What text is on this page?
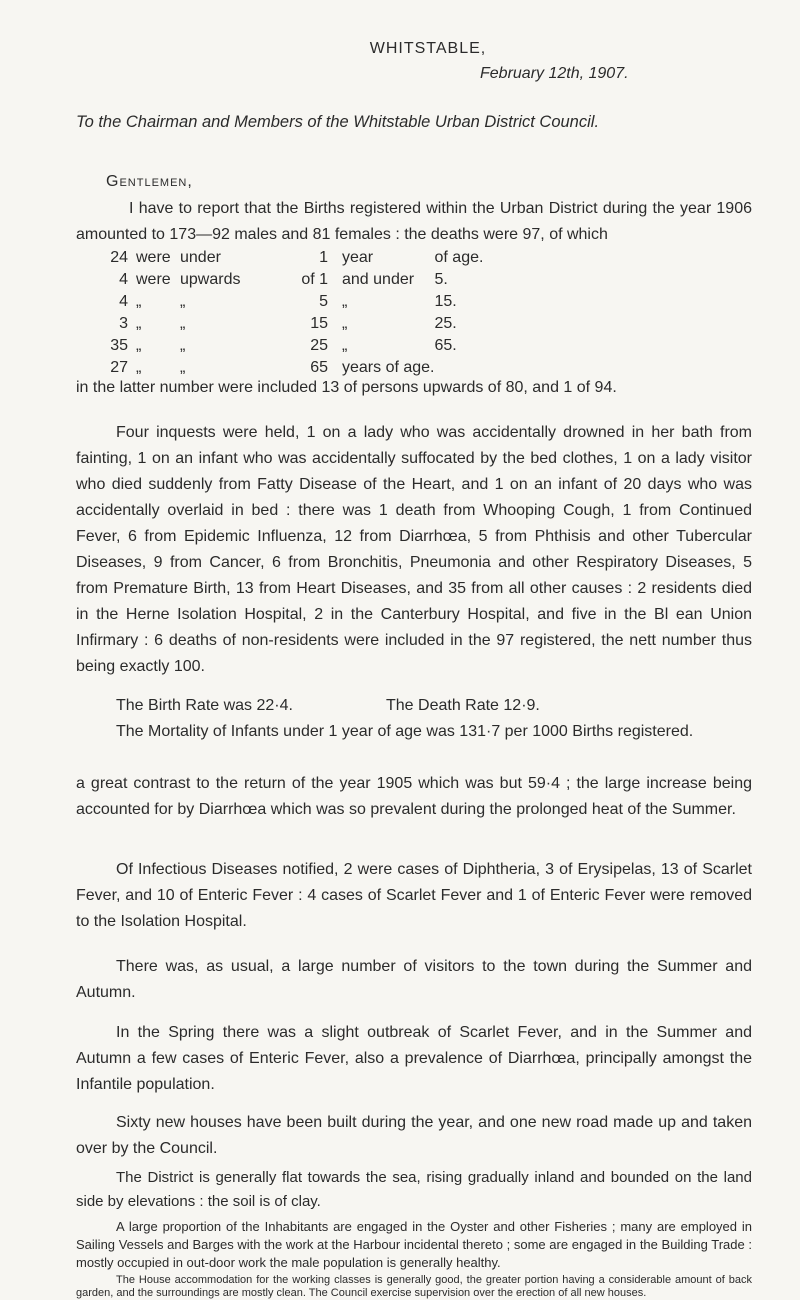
WHITSTABLE,
February 12th, 1907.
To the Chairman and Members of the Whitstable Urban District Council.
Gentlemen,
I have to report that the Births registered within the Urban District during the year 1906 amounted to 173—92 males and 81 females : the deaths were 97, of which
24	were	under	1	year	of age.
4	were	upwards	of 1	and under	5.
4	„	„	5	„	15.
3	„	„	15	„	25.
35	„	„	25	„	65.
27	„	„	65	years of age.	
in the latter number were included 13 of persons upwards of 80, and 1 of 94.
Four inquests were held, 1 on a lady who was accidentally drowned in her bath from fainting, 1 on an infant who was accidentally suffocated by the bed clothes, 1 on a lady visitor who died suddenly from Fatty Disease of the Heart, and 1 on an infant of 20 days who was accidentally overlaid in bed : there was 1 death from Whooping Cough, 1 from Continued Fever, 6 from Epidemic Influenza, 12 from Diarrhœa, 5 from Phthisis and other Tubercular Diseases, 9 from Cancer, 6 from Bronchitis, Pneumonia and other Respiratory Diseases, 5 from Premature Birth, 13 from Heart Diseases, and 35 from all other causes : 2 residents died in the Herne Isolation Hospital, 2 in the Canterbury Hospital, and five in the Bl ean Union Infirmary : 6 deaths of non-residents were included in the 97 registered, the nett number thus being exactly 100.
The Birth Rate was 22·4.	The Death Rate 12·9.
The Mortality of Infants under 1 year of age was 131·7 per 1000 Births registered.
a great contrast to the return of the year 1905 which was but 59·4 ; the large increase being accounted for by Diarrhœa which was so prevalent during the prolonged heat of the Summer.
Of Infectious Diseases notified, 2 were cases of Diphtheria, 3 of Erysipelas, 13 of Scarlet Fever, and 10 of Enteric Fever : 4 cases of Scarlet Fever and 1 of Enteric Fever were removed to the Isolation Hospital.
There was, as usual, a large number of visitors to the town during the Summer and Autumn.
In the Spring there was a slight outbreak of Scarlet Fever, and in the Summer and Autumn a few cases of Enteric Fever, also a prevalence of Diarrhœa, principally amongst the Infantile population.
Sixty new houses have been built during the year, and one new road made up and taken over by the Council.
The District is generally flat towards the sea, rising gradually inland and bounded on the land side by elevations : the soil is of clay.
A large proportion of the Inhabitants are engaged in the Oyster and other Fisheries ; many are employed in Sailing Vessels and Barges with the work at the Harbour incidental thereto ; some are engaged in the Building Trade : mostly occupied in out-door work the male population is generally healthy.
The House accommodation for the working classes is generally good, the greater portion having a considerable amount of back garden, and the surroundings are mostly clean. The Council exercise supervision over the erection of all new houses.
